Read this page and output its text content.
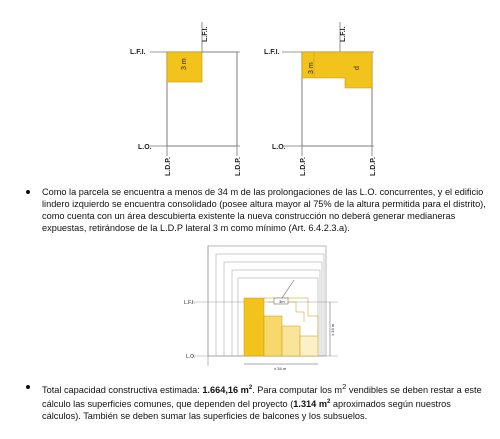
3 m
L.F.I.
L.F.I.
L.O.
L.D.P.	L.D.P.
3 m	d
L.F.I.
L.F.I.
L.O.
L.D.P.	L.D.P.
Como la parcela se encuentra a menos de 34 m de las prolongaciones de las L.O. concurrentes, y el edificio lindero izquierdo se encuentra consolidado (posee altura mayor al 75% de la altura permitida para el distrito), como cuenta con un área descubierta existente la nueva construcción no deberá generar medianeras expuestas, retirándose de la L.D.P lateral 3 m como mínimo (Art. 6.4.2.3.a).
3m
± 34 m
± 34 m
L.F.I.
L.O.
Total capacidad constructiva estimada: 1.664,16 $m^2$. Para computar los $m^2$ vendibles se deben restar a este cálculo las superficies comunes, que dependen del proyecto (1.314 $m^2$ aproximados según nuestros cálculos). También se deben sumar las superficies de balcones y los subsuelos.
